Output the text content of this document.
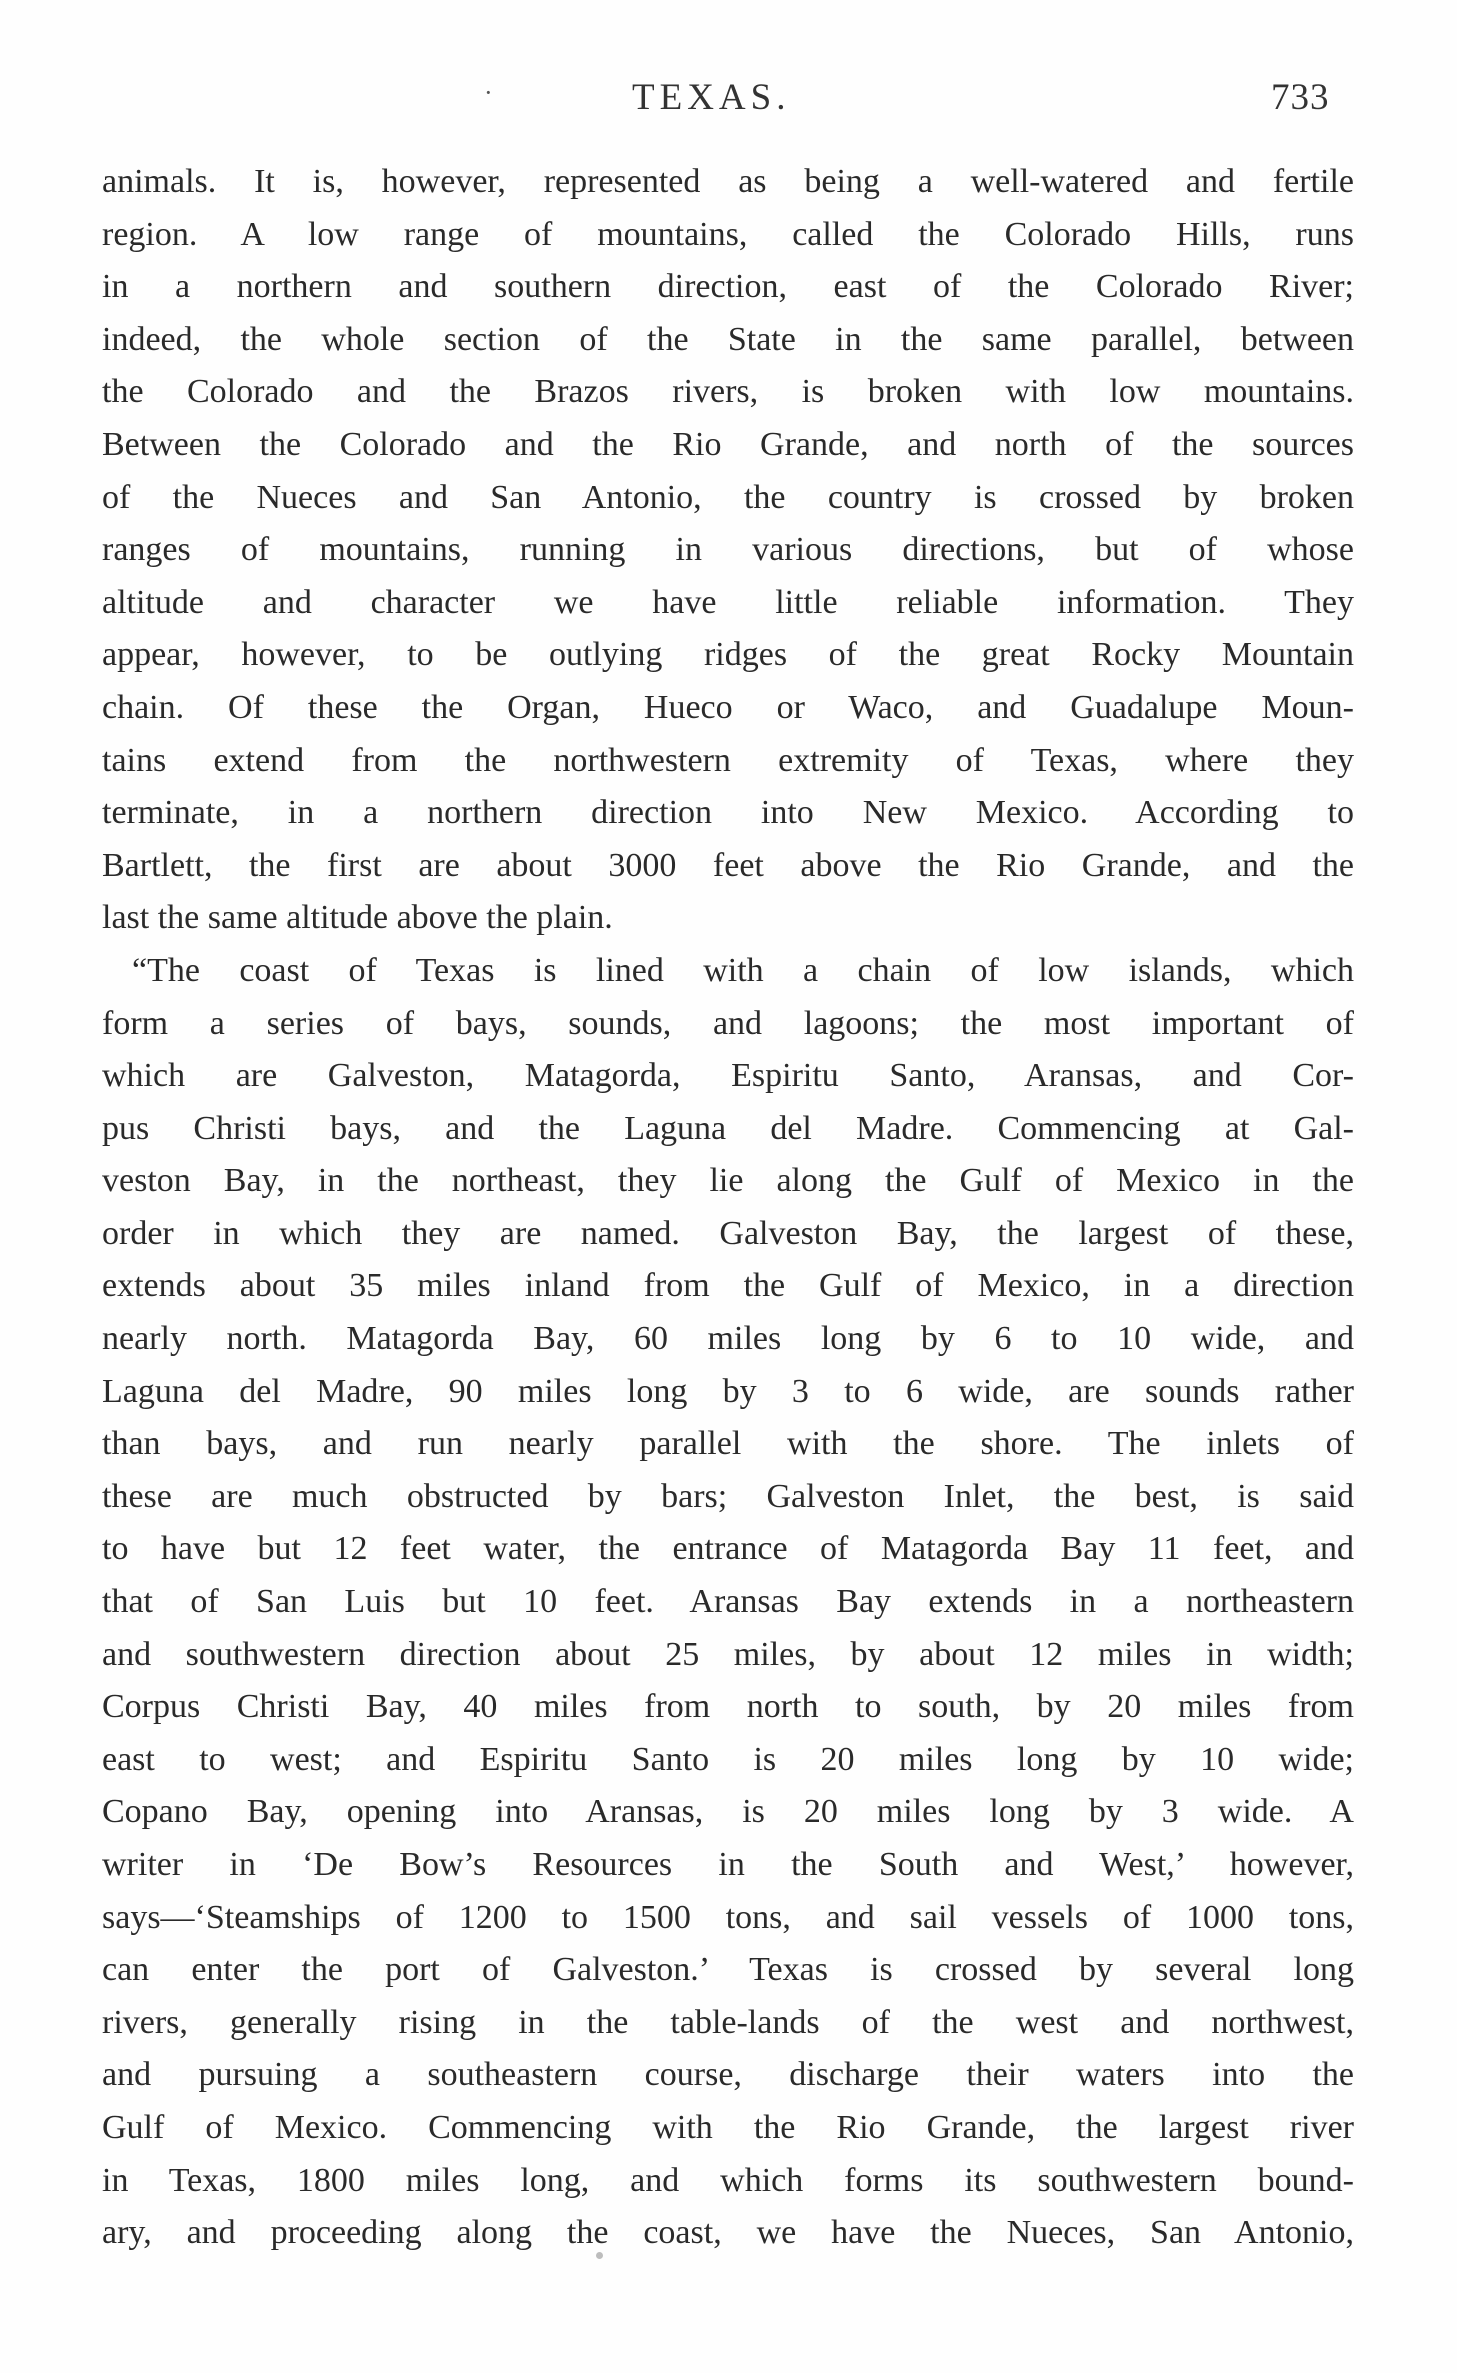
·	TEXAS.	733
animals. It is, however, represented as being a well-watered and fertile
region. A low range of mountains, called the Colorado Hills, runs
in a northern and southern direction, east of the Colorado River;
indeed, the whole section of the State in the same parallel, between
the Colorado and the Brazos rivers, is broken with low mountains.
Between the Colorado and the Rio Grande, and north of the sources
of the Nueces and San Antonio, the country is crossed by broken
ranges of mountains, running in various directions, but of whose
altitude and character we have little reliable information. They
appear, however, to be outlying ridges of the great Rocky Mountain
chain. Of these the Organ, Hueco or Waco, and Guadalupe Moun-
tains extend from the northwestern extremity of Texas, where they
terminate, in a northern direction into New Mexico. According to
Bartlett, the first are about 3000 feet above the Rio Grande, and the
last the same altitude above the plain.
“The coast of Texas is lined with a chain of low islands, which
form a series of bays, sounds, and lagoons; the most important of
which are Galveston, Matagorda, Espiritu Santo, Aransas, and Cor-
pus Christi bays, and the Laguna del Madre. Commencing at Gal-
veston Bay, in the northeast, they lie along the Gulf of Mexico in the
order in which they are named. Galveston Bay, the largest of these,
extends about 35 miles inland from the Gulf of Mexico, in a direction
nearly north. Matagorda Bay, 60 miles long by 6 to 10 wide, and
Laguna del Madre, 90 miles long by 3 to 6 wide, are sounds rather
than bays, and run nearly parallel with the shore. The inlets of
these are much obstructed by bars; Galveston Inlet, the best, is said
to have but 12 feet water, the entrance of Matagorda Bay 11 feet, and
that of San Luis but 10 feet. Aransas Bay extends in a northeastern
and southwestern direction about 25 miles, by about 12 miles in width;
Corpus Christi Bay, 40 miles from north to south, by 20 miles from
east to west; and Espiritu Santo is 20 miles long by 10 wide;
Copano Bay, opening into Aransas, is 20 miles long by 3 wide. A
writer in ‘De Bow’s Resources in the South and West,’ however,
says—‘Steamships of 1200 to 1500 tons, and sail vessels of 1000 tons,
can enter the port of Galveston.’ Texas is crossed by several long
rivers, generally rising in the table-lands of the west and northwest,
and pursuing a southeastern course, discharge their waters into the
Gulf of Mexico. Commencing with the Rio Grande, the largest river
in Texas, 1800 miles long, and which forms its southwestern bound-
ary, and proceeding along the coast, we have the Nueces, San Antonio,
